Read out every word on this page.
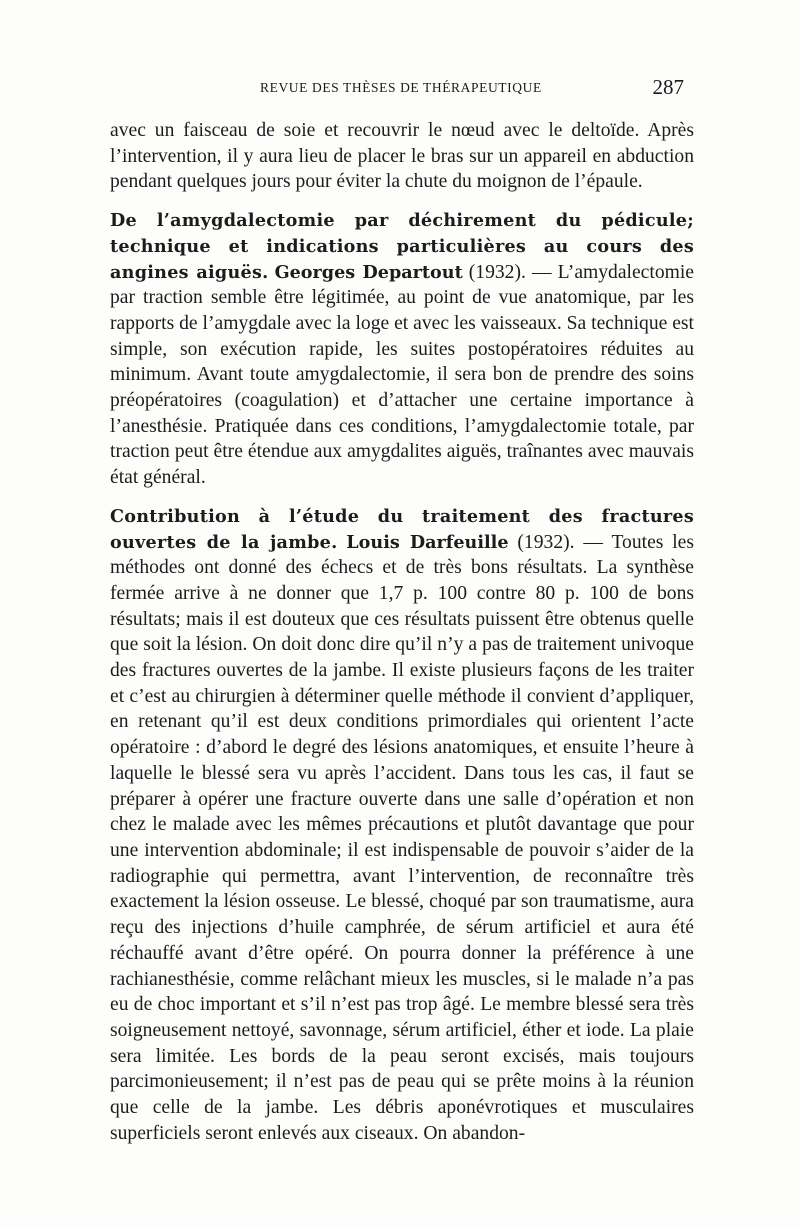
REVUE DES THÈSES DE THÉRAPEUTIQUE	287

avec un faisceau de soie et recouvrir le nœud avec le deltoïde. Après l’intervention, il y aura lieu de placer le bras sur un appareil en abduction pendant quelques jours pour éviter la chute du moignon de l’épaule.

De l’amygdalectomie par déchirement du pédicule; technique et indications particulières au cours des angines aiguës. Georges Departout (1932). — L’amydalectomie par traction semble être légitimée, au point de vue anatomique, par les rapports de l’amygdale avec la loge et avec les vaisseaux. Sa technique est simple, son exécution rapide, les suites postopératoires réduites au minimum. Avant toute amygdalectomie, il sera bon de prendre des soins préopératoires (coagulation) et d’attacher une certaine importance à l’anesthésie. Pratiquée dans ces conditions, l’amygdalectomie totale, par traction peut être étendue aux amygdalites aiguës, traînantes avec mauvais état général.

Contribution à l’étude du traitement des fractures ouvertes de la jambe. Louis Darfeuille (1932). — Toutes les méthodes ont donné des échecs et de très bons résultats. La synthèse fermée arrive à ne donner que 1,7 p. 100 contre 80 p. 100 de bons résultats; mais il est douteux que ces résultats puissent être obtenus quelle que soit la lésion. On doit donc dire qu’il n’y a pas de traitement univoque des fractures ouvertes de la jambe. Il existe plusieurs façons de les traiter et c’est au chirurgien à déterminer quelle méthode il convient d’appliquer, en retenant qu’il est deux conditions primordiales qui orientent l’acte opératoire : d’abord le degré des lésions anatomiques, et ensuite l’heure à laquelle le blessé sera vu après l’accident. Dans tous les cas, il faut se préparer à opérer une fracture ouverte dans une salle d’opération et non chez le malade avec les mêmes précautions et plutôt davantage que pour une intervention abdominale; il est indispensable de pouvoir s’aider de la radiographie qui permettra, avant l’intervention, de reconnaître très exactement la lésion osseuse. Le blessé, choqué par son traumatisme, aura reçu des injections d’huile camphrée, de sérum artificiel et aura été réchauffé avant d’être opéré. On pourra donner la préférence à une rachianesthésie, comme relâchant mieux les muscles, si le malade n’a pas eu de choc important et s’il n’est pas trop âgé. Le membre blessé sera très soigneusement nettoyé, savonnage, sérum artificiel, éther et iode. La plaie sera limitée. Les bords de la peau seront excisés, mais toujours parcimonieusement; il n’est pas de peau qui se prête moins à la réunion que celle de la jambe. Les débris aponévrotiques et musculaires superficiels seront enlevés aux ciseaux. On abandon-
